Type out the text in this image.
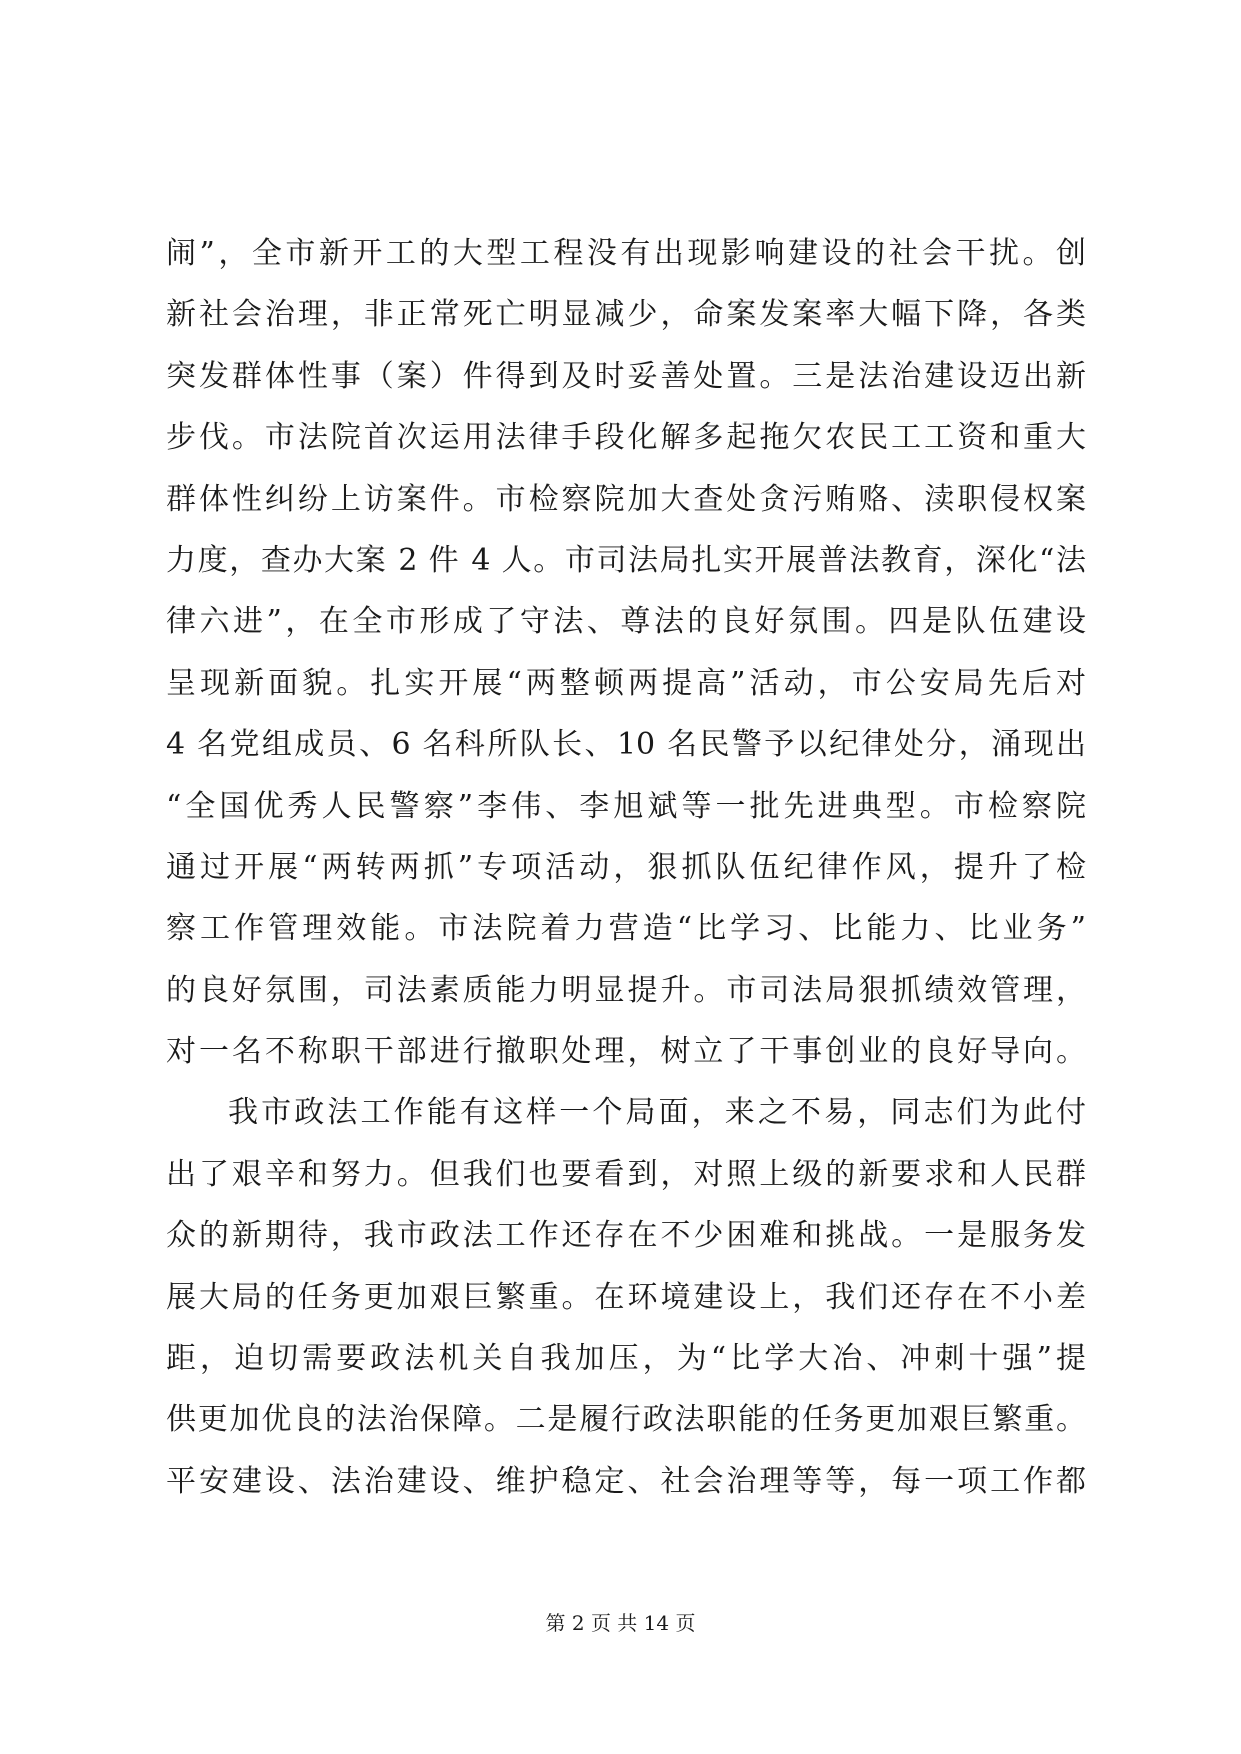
闹”，全市新开工的大型工程没有出现影响建设的社会干扰。创
新社会治理，非正常死亡明显减少，命案发案率大幅下降，各类
突发群体性事（案）件得到及时妥善处置。三是法治建设迈出新
步伐。市法院首次运用法律手段化解多起拖欠农民工工资和重大
群体性纠纷上访案件。市检察院加大查处贪污贿赂、渎职侵权案
力度，查办大案 2 件 4 人。市司法局扎实开展普法教育，深化“法
律六进”，在全市形成了守法、尊法的良好氛围。四是队伍建设
呈现新面貌。扎实开展“两整顿两提高”活动，市公安局先后对
4 名党组成员、6 名科所队长、10 名民警予以纪律处分，涌现出
“全国优秀人民警察”李伟、李旭斌等一批先进典型。市检察院
通过开展“两转两抓”专项活动，狠抓队伍纪律作风，提升了检
察工作管理效能。市法院着力营造“比学习、比能力、比业务”
的良好氛围，司法素质能力明显提升。市司法局狠抓绩效管理，
对一名不称职干部进行撤职处理，树立了干事创业的良好导向。
我市政法工作能有这样一个局面，来之不易，同志们为此付
出了艰辛和努力。但我们也要看到，对照上级的新要求和人民群
众的新期待，我市政法工作还存在不少困难和挑战。一是服务发
展大局的任务更加艰巨繁重。在环境建设上，我们还存在不小差
距，迫切需要政法机关自我加压，为“比学大冶、冲刺十强”提
供更加优良的法治保障。二是履行政法职能的任务更加艰巨繁重。
平安建设、法治建设、维护稳定、社会治理等等，每一项工作都
第 2 页 共 14 页
